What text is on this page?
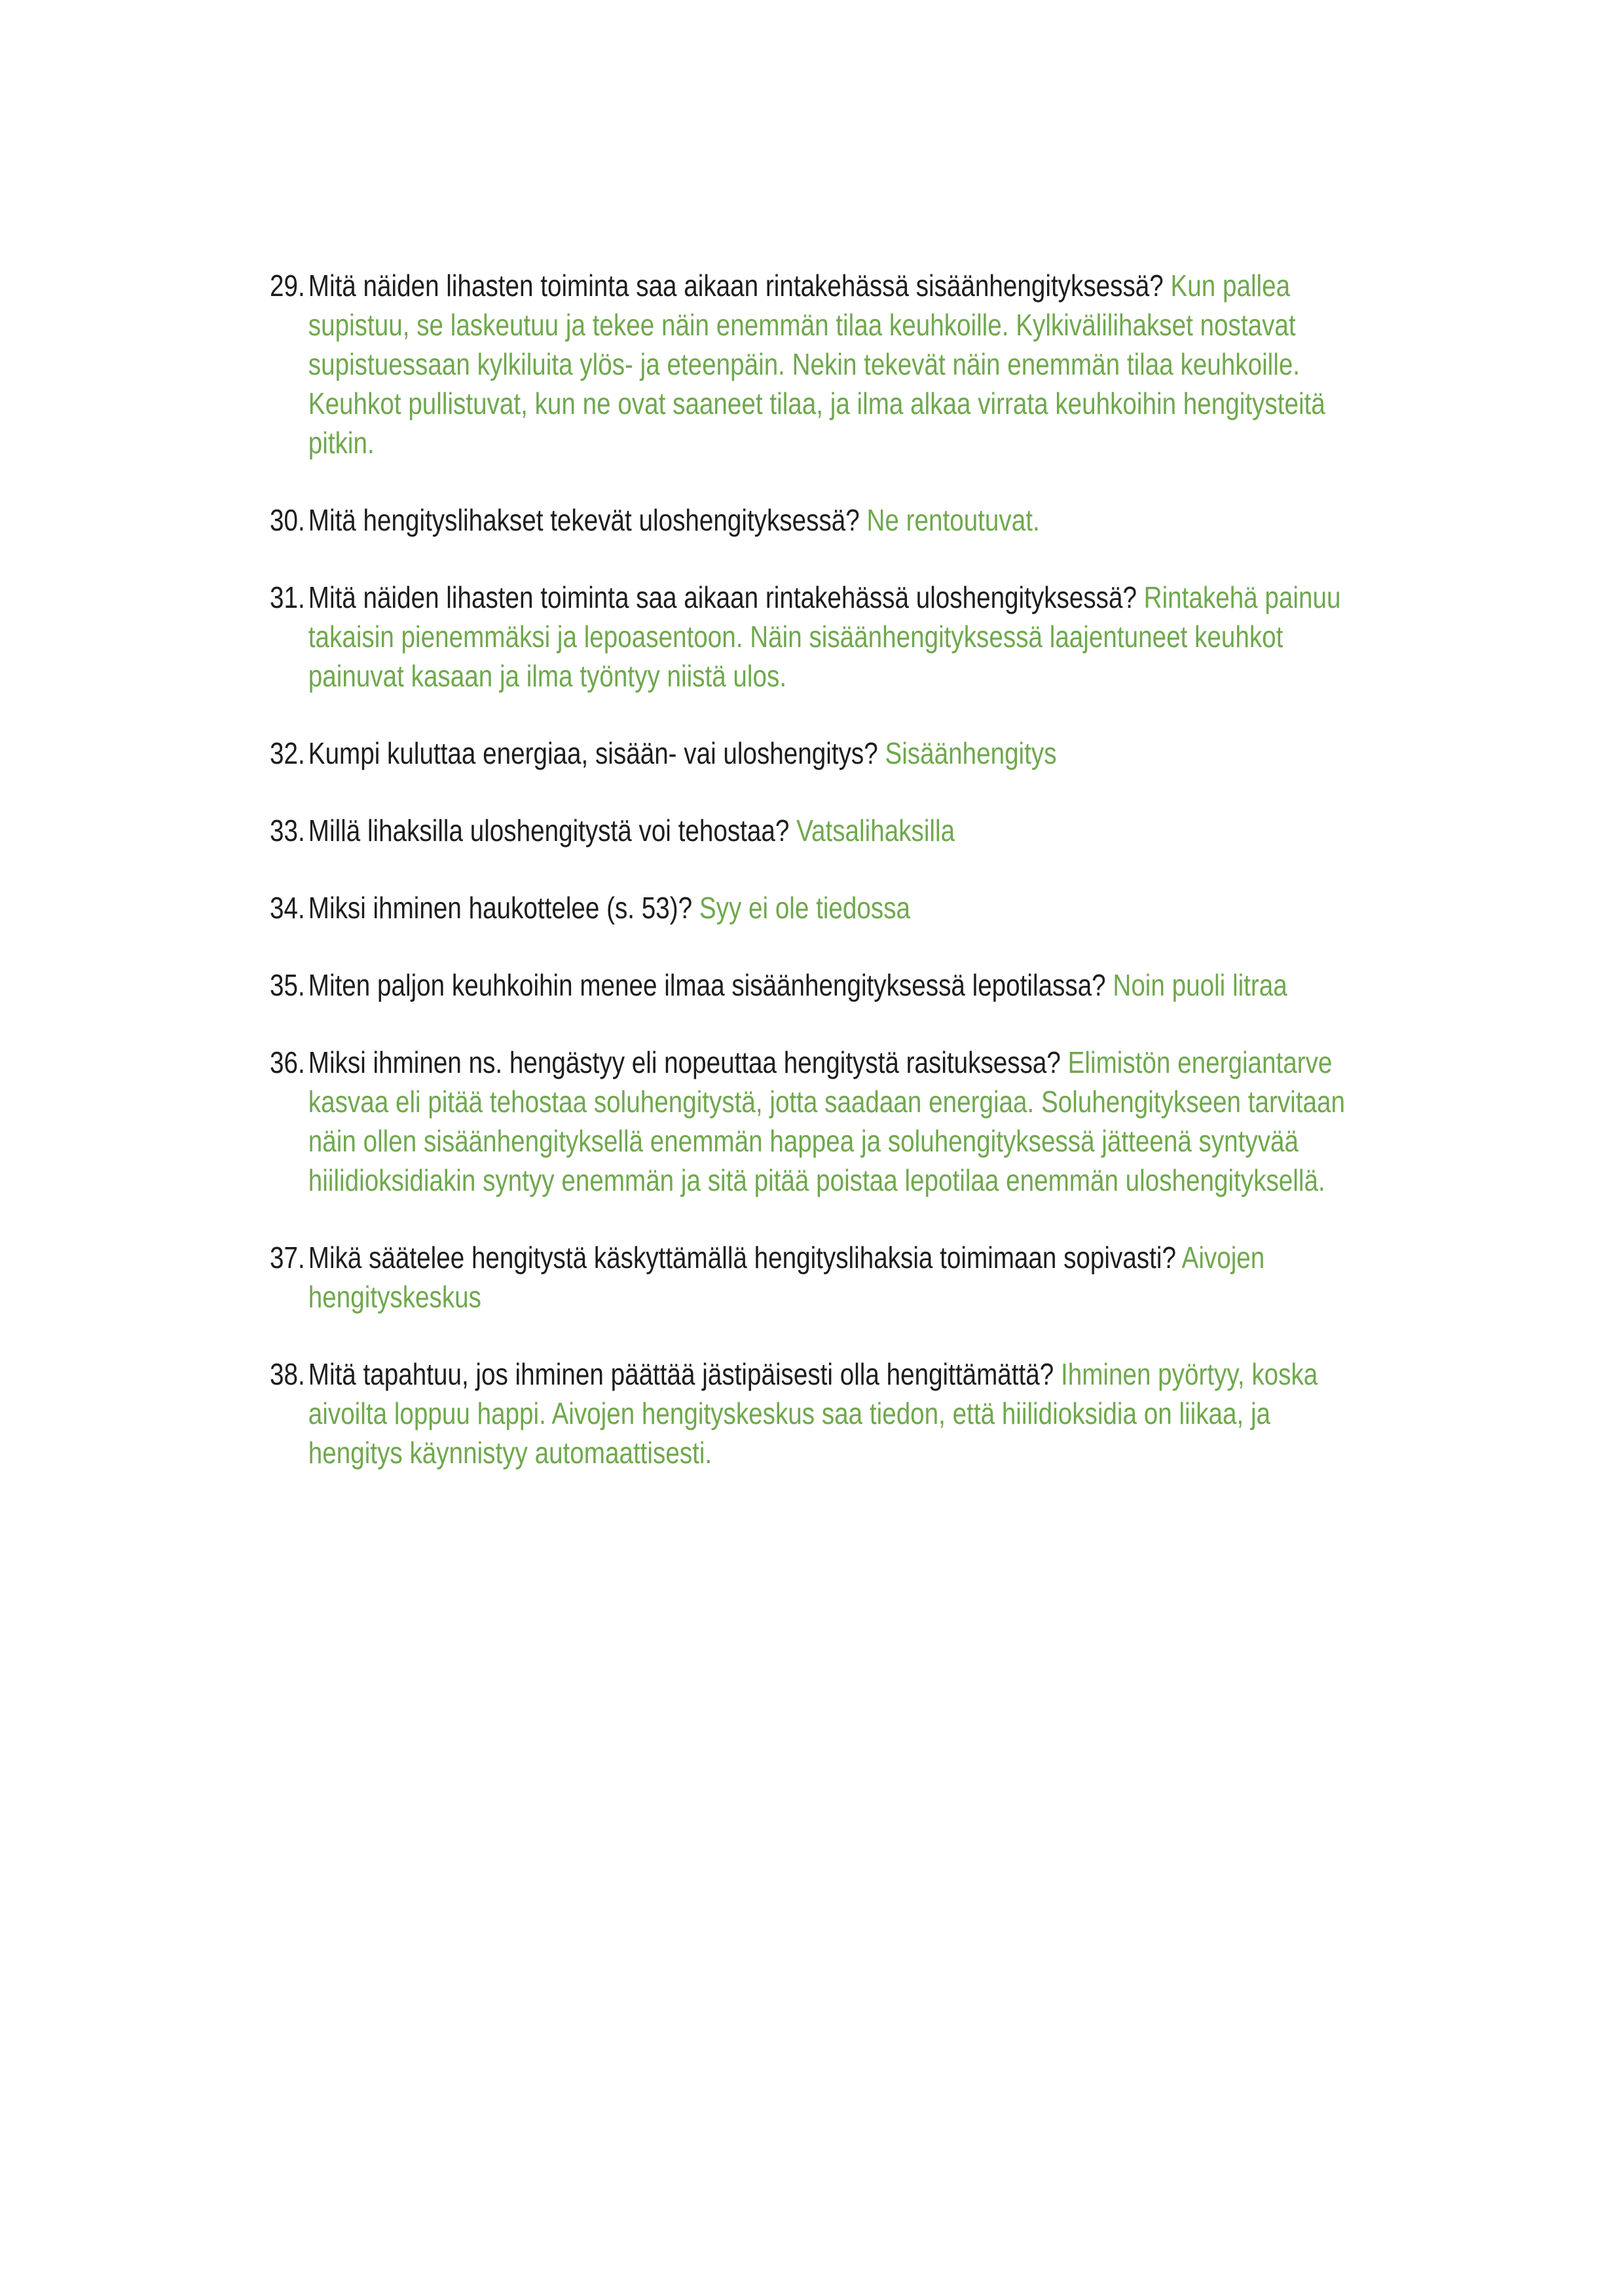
29. Mitä näiden lihasten toiminta saa aikaan rintakehässä sisäänhengityksessä? Kun pallea supistuu, se laskeutuu ja tekee näin enemmän tilaa keuhkoille. Kylkivälilihakset nostavat supistuessaan kylkiluita ylös- ja eteenpäin. Nekin tekevät näin enemmän tilaa keuhkoille. Keuhkot pullistuvat, kun ne ovat saaneet tilaa, ja ilma alkaa virrata keuhkoihin hengitysteitä pitkin.
30. Mitä hengityslihakset tekevät uloshengityksessä? Ne rentoutuvat.
31. Mitä näiden lihasten toiminta saa aikaan rintakehässä uloshengityksessä? Rintakehä painuu takaisin pienemmäksi ja lepoasentoon. Näin sisäänhengityksessä laajentuneet keuhkot painuvat kasaan ja ilma työntyy niistä ulos.
32. Kumpi kuluttaa energiaa, sisään- vai uloshengitys? Sisäänhengitys
33. Millä lihaksilla uloshengitystä voi tehostaa? Vatsalihaksilla
34. Miksi ihminen haukottelee (s. 53)? Syy ei ole tiedossa
35. Miten paljon keuhkoihin menee ilmaa sisäänhengityksessä lepotilassa? Noin puoli litraa
36. Miksi ihminen ns. hengästyy eli nopeuttaa hengitystä rasituksessa? Elimistön energiantarve kasvaa eli pitää tehostaa soluhengitystä, jotta saadaan energiaa. Soluhengitykseen tarvitaan näin ollen sisäänhengityksellä enemmän happea ja soluhengityksessä jätteenä syntyvää hiilidioksidiakin syntyy enemmän ja sitä pitää poistaa lepotilaa enemmän uloshengityksellä.
37. Mikä säätelee hengitystä käskyttämällä hengityslihaksia toimimaan sopivasti? Aivojen hengityskeskus
38. Mitä tapahtuu, jos ihminen päättää jästipäisesti olla hengittämättä? Ihminen pyörtyy, koska aivoilta loppuu happi. Aivojen hengityskeskus saa tiedon, että hiilidioksidia on liikaa, ja hengitys käynnistyy automaattisesti.
